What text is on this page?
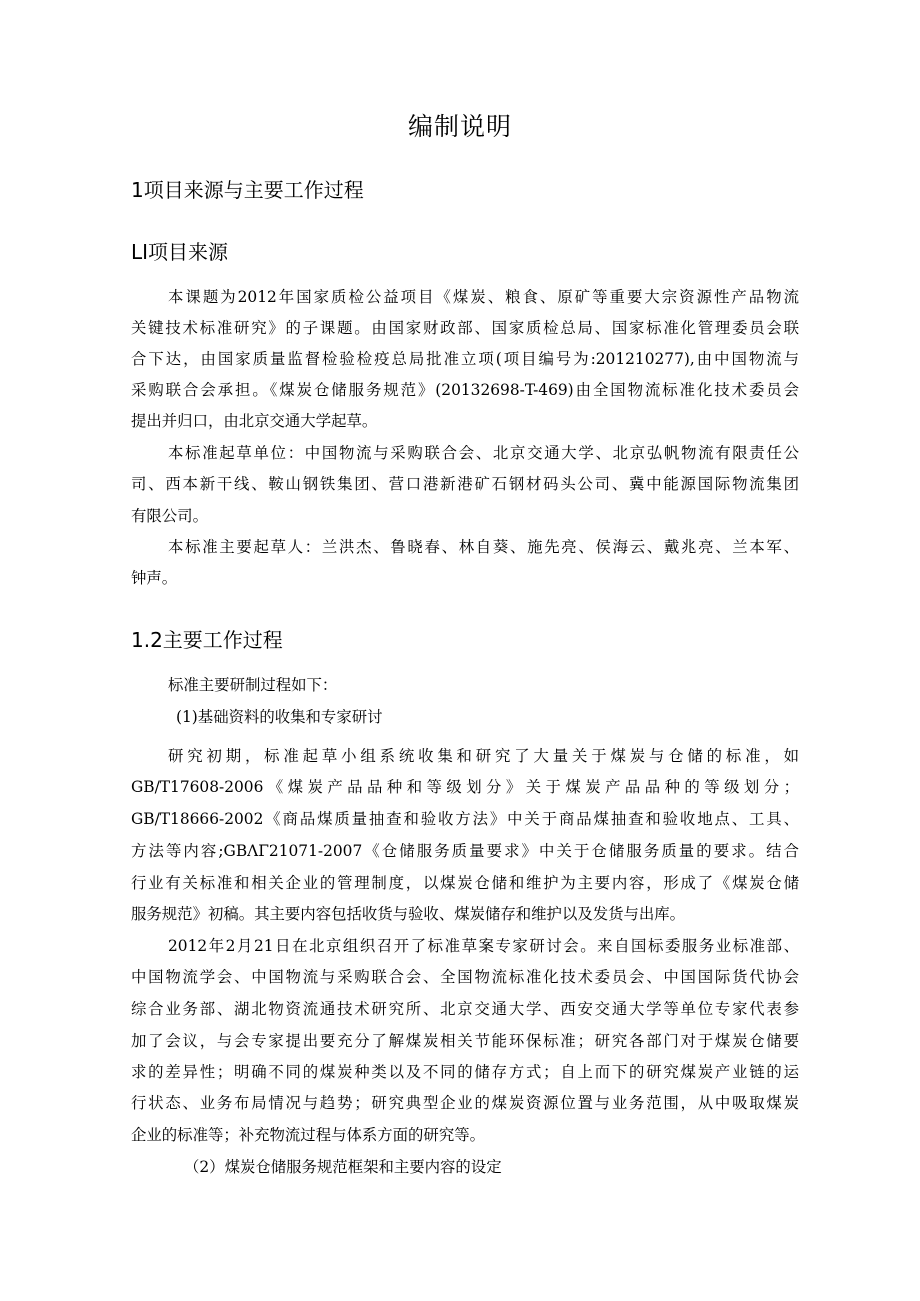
编制说明
1项目来源与主要工作过程
LI项目来源
本课题为2012年国家质检公益项目《煤炭、粮食、原矿等重要大宗资源性产品物流
关键技术标准研究》的子课题。由国家财政部、国家质检总局、国家标准化管理委员会联
合下达，由国家质量监督检验检疫总局批准立项(项目编号为:201210277),由中国物流与
采购联合会承担。《煤炭仓储服务规范》(20132698-T-469)由全国物流标准化技术委员会
提出并归口，由北京交通大学起草。
本标准起草单位：中国物流与采购联合会、北京交通大学、北京弘帆物流有限责任公
司、西本新干线、鞍山钢铁集团、营口港新港矿石钢材码头公司、冀中能源国际物流集团
有限公司。
本标准主要起草人：兰洪杰、鲁晓春、林自葵、施先亮、侯海云、戴兆亮、兰本军、
钟声。
1.2主要工作过程
标准主要研制过程如下：
(1)基础资料的收集和专家研讨
研究初期，标准起草小组系统收集和研究了大量关于煤炭与仓储的标准，如
GB/T17608-2006《煤炭产品品种和等级划分》关于煤炭产品品种的等级划分；
GB/T18666-2002《商品煤质量抽查和验收方法》中关于商品煤抽查和验收地点、工具、
方法等内容;GBΛΓ21071-2007《仓储服务质量要求》中关于仓储服务质量的要求。结合
行业有关标准和相关企业的管理制度，以煤炭仓储和维护为主要内容，形成了《煤炭仓储
服务规范》初稿。其主要内容包括收货与验收、煤炭储存和维护以及发货与出库。
2012年2月21日在北京组织召开了标准草案专家研讨会。来自国标委服务业标准部、
中国物流学会、中国物流与采购联合会、全国物流标准化技术委员会、中国国际货代协会
综合业务部、湖北物资流通技术研究所、北京交通大学、西安交通大学等单位专家代表参
加了会议，与会专家提出要充分了解煤炭相关节能环保标准；研究各部门对于煤炭仓储要
求的差异性；明确不同的煤炭种类以及不同的储存方式；自上而下的研究煤炭产业链的运
行状态、业务布局情况与趋势；研究典型企业的煤炭资源位置与业务范围，从中吸取煤炭
企业的标准等；补充物流过程与体系方面的研究等。
（2）煤炭仓储服务规范框架和主要内容的设定
